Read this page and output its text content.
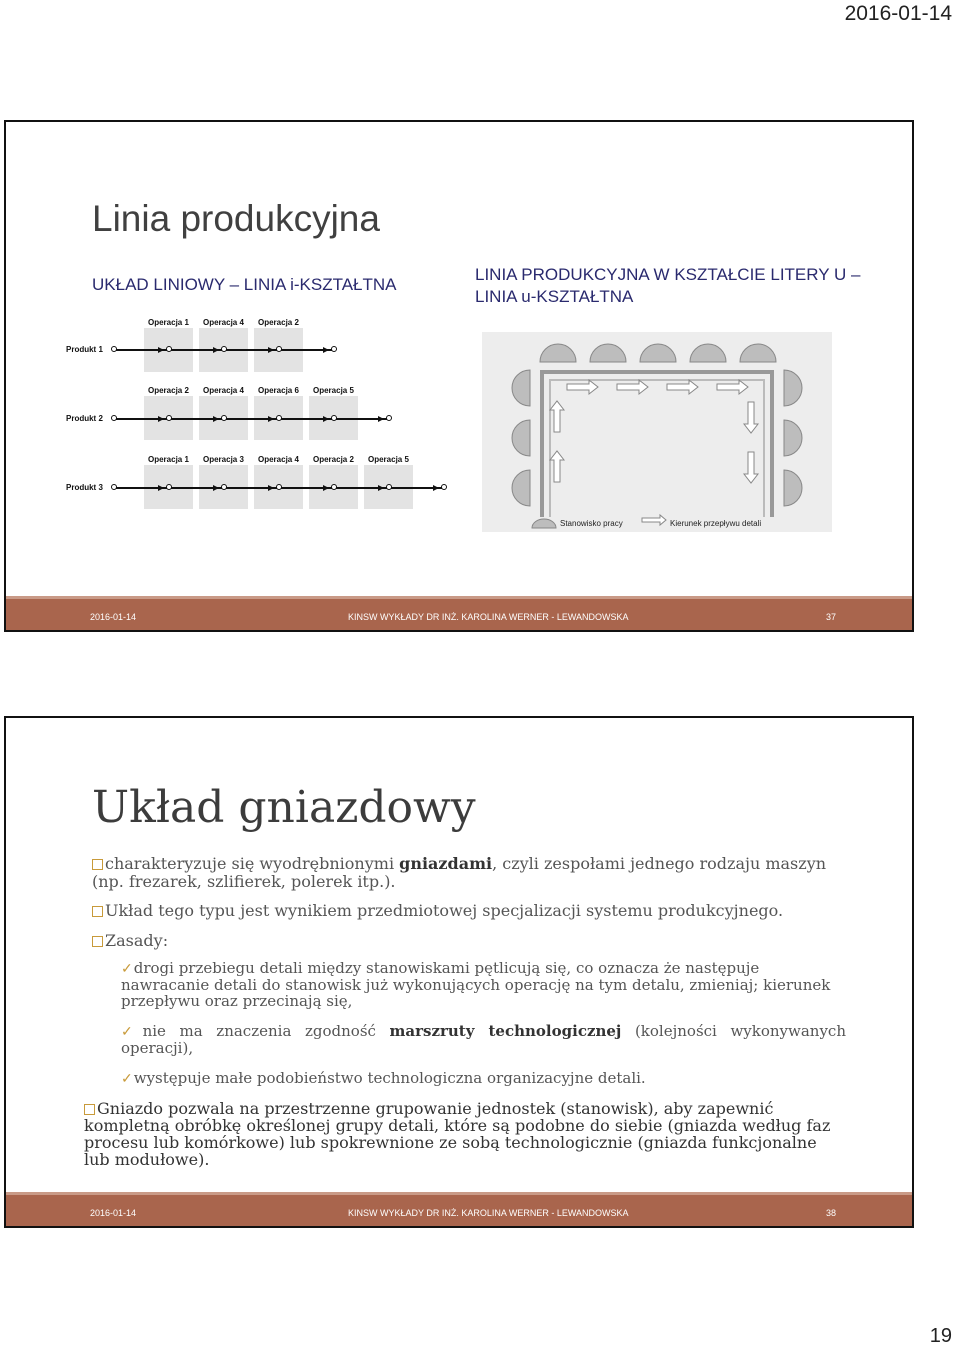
2016-01-14
Linia produkcyjna
UKŁAD LINIOWY – LINIA i-KSZTAŁTNA
LINIA PRODUKCYJNA W KSZTAŁCIE LITERY U – LINIA u-KSZTAŁTNA
Operacja 1 Operacja 4 Operacja 2
Produkt 1
Operacja 2 Operacja 4 Operacja 6 Operacja 5
Produkt 2
Operacja 1 Operacja 3 Operacja 4 Operacja 2 Operacja 5
Produkt 3
Stanowisko pracy	Kierunek przepływu detali
2016-01-14	KINSW WYKŁADY DR INŻ. KAROLINA WERNER - LEWANDOWSKA	37
Układ gniazdowy
charakteryzuje się wyodrębnionymi gniazdami, czyli zespołami jednego rodzaju maszyn (np. frezarek, szlifierek, polerek itp.).
Układ tego typu jest wynikiem przedmiotowej specjalizacji systemu produkcyjnego.
Zasady:
✓drogi przebiegu detali między stanowiskami pętlicują się, co oznacza że następuje nawracanie detali do stanowisk już wykonujących operację na tym detalu, zmieniaj; kierunek przepływu oraz przecinają się,
✓nie ma znaczenia zgodność marszruty technologicznej (kolejności wykonywanych operacji),
✓występuje małe podobieństwo technologiczna organizacyjne detali.
Gniazdo pozwala na przestrzenne grupowanie jednostek (stanowisk), aby zapewnić kompletną obróbkę określonej grupy detali, które są podobne do siebie (gniazda według faz procesu lub komórkowe) lub spokrewnione ze sobą technologicznie (gniazda funkcjonalne lub modułowe).
2016-01-14	KINSW WYKŁADY DR INŻ. KAROLINA WERNER - LEWANDOWSKA	38
19
